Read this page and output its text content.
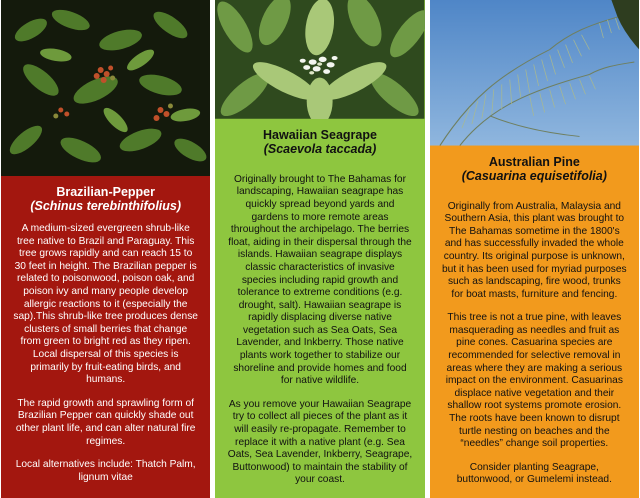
Brazilian-Pepper
(Schinus terebinthifolius)

A medium-sized evergreen shrub-like tree native to Brazil and Paraguay. This tree grows rapidly and can reach 15 to 30 feet in height. The Brazilian pepper is related to poisonwood, poison oak, and poison ivy and many people develop allergic reactions to it (especially the sap).This shrub-like tree produces dense clusters of small berries that change from green to bright red as they ripen. Local dispersal of this species is primarily by fruit-eating birds, and humans.

The rapid growth and sprawling form of Brazilian Pepper can quickly shade out other plant life, and can alter natural fire regimes.

Local alternatives include: Thatch Palm, lignum vitae

Hawaiian Seagrape
(Scaevola taccada)

Originally brought to The Bahamas for landscaping, Hawaiian seagrape has quickly spread beyond yards and gardens to more remote areas throughout the archipelago. The berries float, aiding in their dispersal through the islands. Hawaiian seagrape displays classic characteristics of invasive species including rapid growth and tolerance to extreme conditions (e.g. drought, salt). Hawaiian seagrape is rapidly displacing diverse native vegetation such as Sea Oats, Sea Lavender, and Inkberry. Those native plants work together to stabilize our shoreline and provide homes and food for native wildlife.

As you remove your Hawaiian Seagrape try to collect all pieces of the plant as it will easily re-propagate. Remember to replace it with a native plant (e.g. Sea Oats, Sea Lavender, Inkberry, Seagrape, Buttonwood) to maintain the stability of your coast.

Australian Pine
(Casuarina equisetifolia)

Originally from Australia, Malaysia and Southern Asia, this plant was brought to The Bahamas sometime in the 1800's and has successfully invaded the whole country. Its original purpose is unknown, but it has been used for myriad purposes such as landscaping, fire wood, trunks for boat masts, furniture and fencing.

This tree is not a true pine, with leaves masquerading as needles and fruit as pine cones. Casuarina species are recommended for selective removal in areas where they are making a serious impact on the environment. Casuarinas displace native vegetation and their shallow root systems promote erosion. The roots have been known to disrupt turtle nesting on beaches and the “needles” change soil properties.

Consider planting Seagrape, buttonwood, or Gumelemi instead.
